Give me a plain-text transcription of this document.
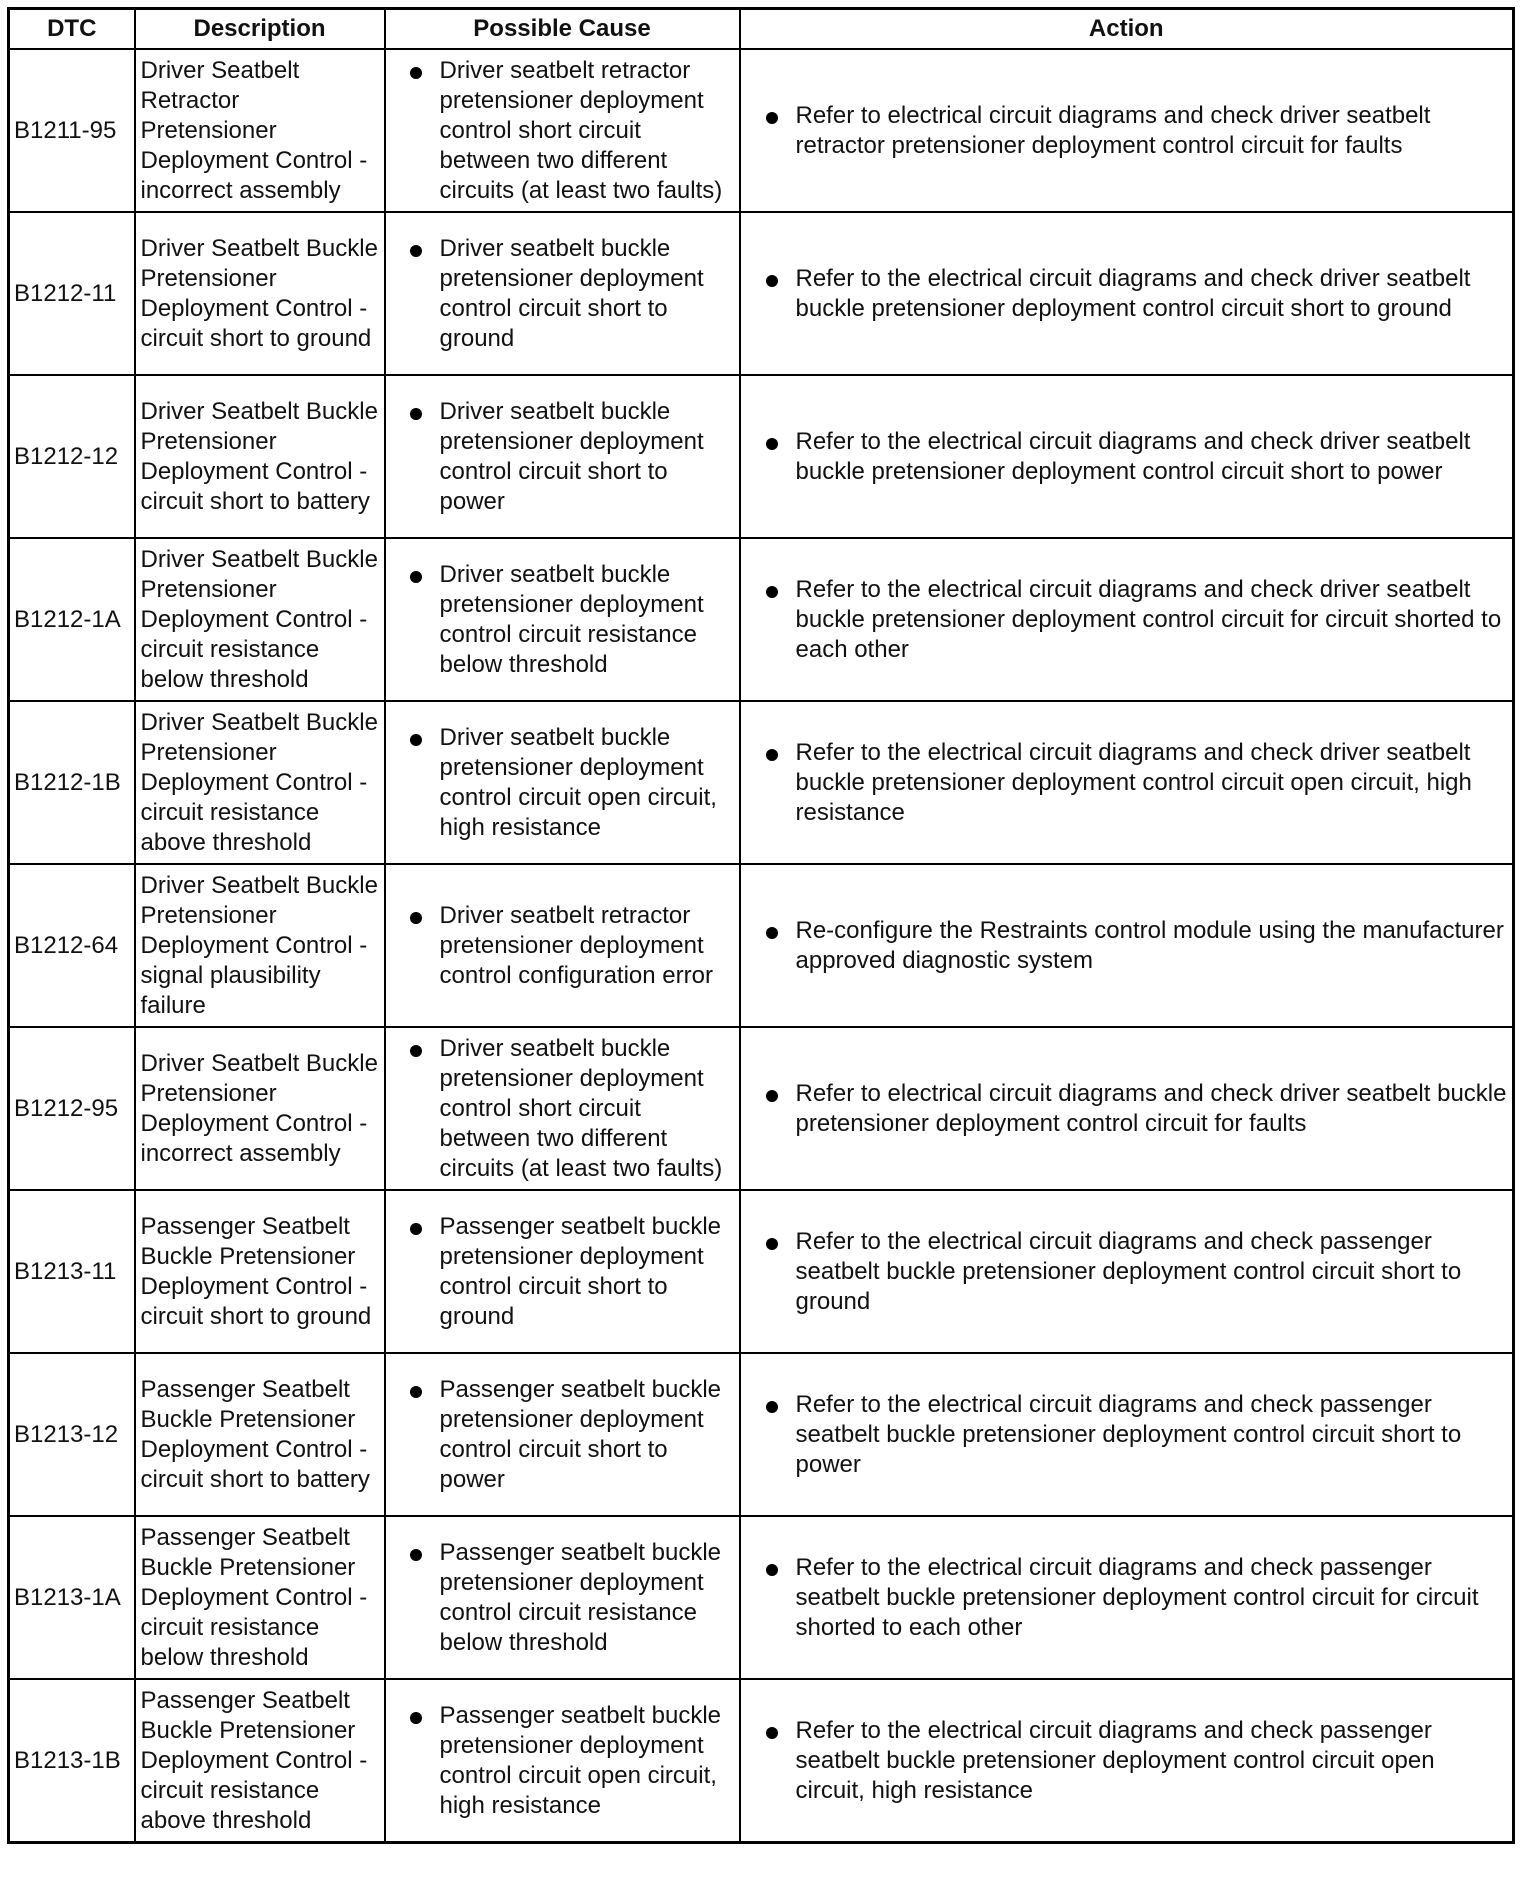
DTC	Description	Possible Cause	Action
B1211-95	Driver Seatbelt Retractor Pretensioner Deployment Control - incorrect assembly	Driver seatbelt retractor pretensioner deployment control short circuit between two different circuits (at least two faults)	Refer to electrical circuit diagrams and check driver seatbelt retractor pretensioner deployment control circuit for faults

B1212-11	Driver Seatbelt Buckle Pretensioner Deployment Control - circuit short to ground	Driver seatbelt buckle pretensioner deployment control circuit short to ground	Refer to the electrical circuit diagrams and check driver seatbelt buckle pretensioner deployment control circuit short to ground

B1212-12	Driver Seatbelt Buckle Pretensioner Deployment Control - circuit short to battery	Driver seatbelt buckle pretensioner deployment control circuit short to power	Refer to the electrical circuit diagrams and check driver seatbelt buckle pretensioner deployment control circuit short to power

B1212-1A	Driver Seatbelt Buckle Pretensioner Deployment Control - circuit resistance below threshold	Driver seatbelt buckle pretensioner deployment control circuit resistance below threshold	Refer to the electrical circuit diagrams and check driver seatbelt buckle pretensioner deployment control circuit for circuit shorted to each other

B1212-1B	Driver Seatbelt Buckle Pretensioner Deployment Control - circuit resistance above threshold	Driver seatbelt buckle pretensioner deployment control circuit open circuit, high resistance	Refer to the electrical circuit diagrams and check driver seatbelt buckle pretensioner deployment control circuit open circuit, high resistance

B1212-64	Driver Seatbelt Buckle Pretensioner Deployment Control - signal plausibility failure	Driver seatbelt retractor pretensioner deployment control configuration error	Re-configure the Restraints control module using the manufacturer approved diagnostic system

B1212-95	Driver Seatbelt Buckle Pretensioner Deployment Control - incorrect assembly	Driver seatbelt buckle pretensioner deployment control short circuit between two different circuits (at least two faults)	Refer to electrical circuit diagrams and check driver seatbelt buckle pretensioner deployment control circuit for faults

B1213-11	Passenger Seatbelt Buckle Pretensioner Deployment Control - circuit short to ground	Passenger seatbelt buckle pretensioner deployment control circuit short to ground	Refer to the electrical circuit diagrams and check passenger seatbelt buckle pretensioner deployment control circuit short to ground

B1213-12	Passenger Seatbelt Buckle Pretensioner Deployment Control - circuit short to battery	Passenger seatbelt buckle pretensioner deployment control circuit short to power	Refer to the electrical circuit diagrams and check passenger seatbelt buckle pretensioner deployment control circuit short to power

B1213-1A	Passenger Seatbelt Buckle Pretensioner Deployment Control - circuit resistance below threshold	Passenger seatbelt buckle pretensioner deployment control circuit resistance below threshold	Refer to the electrical circuit diagrams and check passenger seatbelt buckle pretensioner deployment control circuit for circuit shorted to each other

B1213-1B	Passenger Seatbelt Buckle Pretensioner Deployment Control - circuit resistance above threshold	Passenger seatbelt buckle pretensioner deployment control circuit open circuit, high resistance	Refer to the electrical circuit diagrams and check passenger seatbelt buckle pretensioner deployment control circuit open circuit, high resistance
